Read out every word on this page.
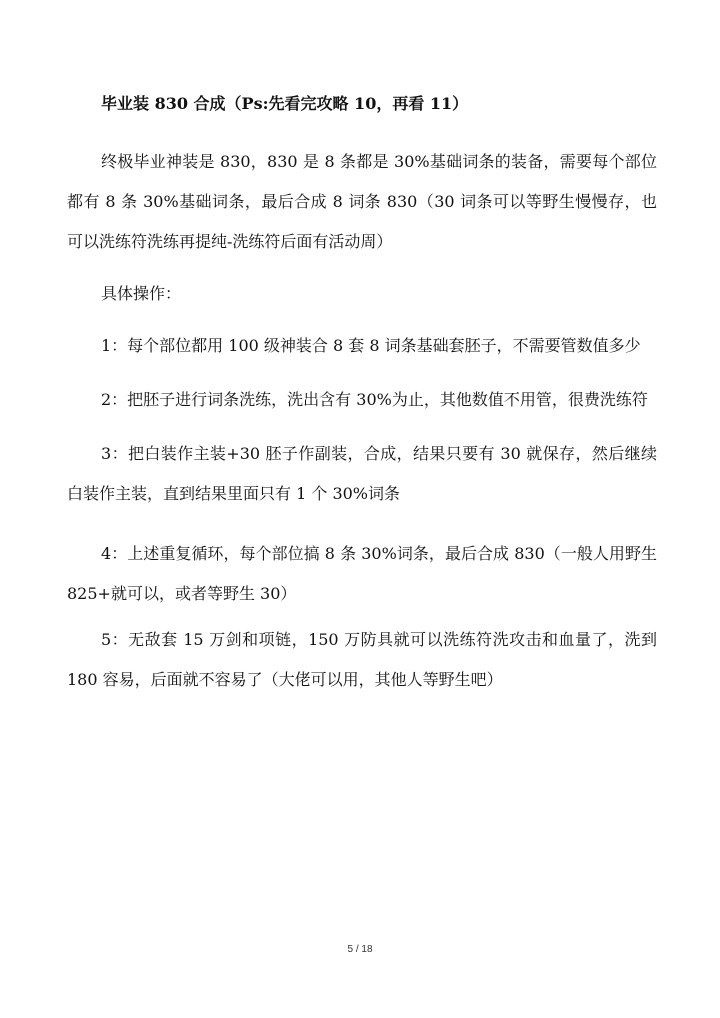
毕业装 830 合成（Ps:先看完攻略 10，再看 11）

终极毕业神装是 830，830 是 8 条都是 30%基础词条的装备，需要每个部位都有 8 条 30%基础词条，最后合成 8 词条 830（30 词条可以等野生慢慢存，也可以洗练符洗练再提纯-洗练符后面有活动周）

具体操作：

1：每个部位都用 100 级神装合 8 套 8 词条基础套胚子，不需要管数值多少

2：把胚子进行词条洗练，洗出含有 30%为止，其他数值不用管，很费洗练符

3：把白装作主装+30 胚子作副装，合成，结果只要有 30 就保存，然后继续白装作主装，直到结果里面只有 1 个 30%词条

4：上述重复循环，每个部位搞 8 条 30%词条，最后合成 830（一般人用野生 825+就可以，或者等野生 30）

5：无敌套 15 万剑和项链，150 万防具就可以洗练符洗攻击和血量了，洗到 180 容易，后面就不容易了（大佬可以用，其他人等野生吧）

5 / 18
